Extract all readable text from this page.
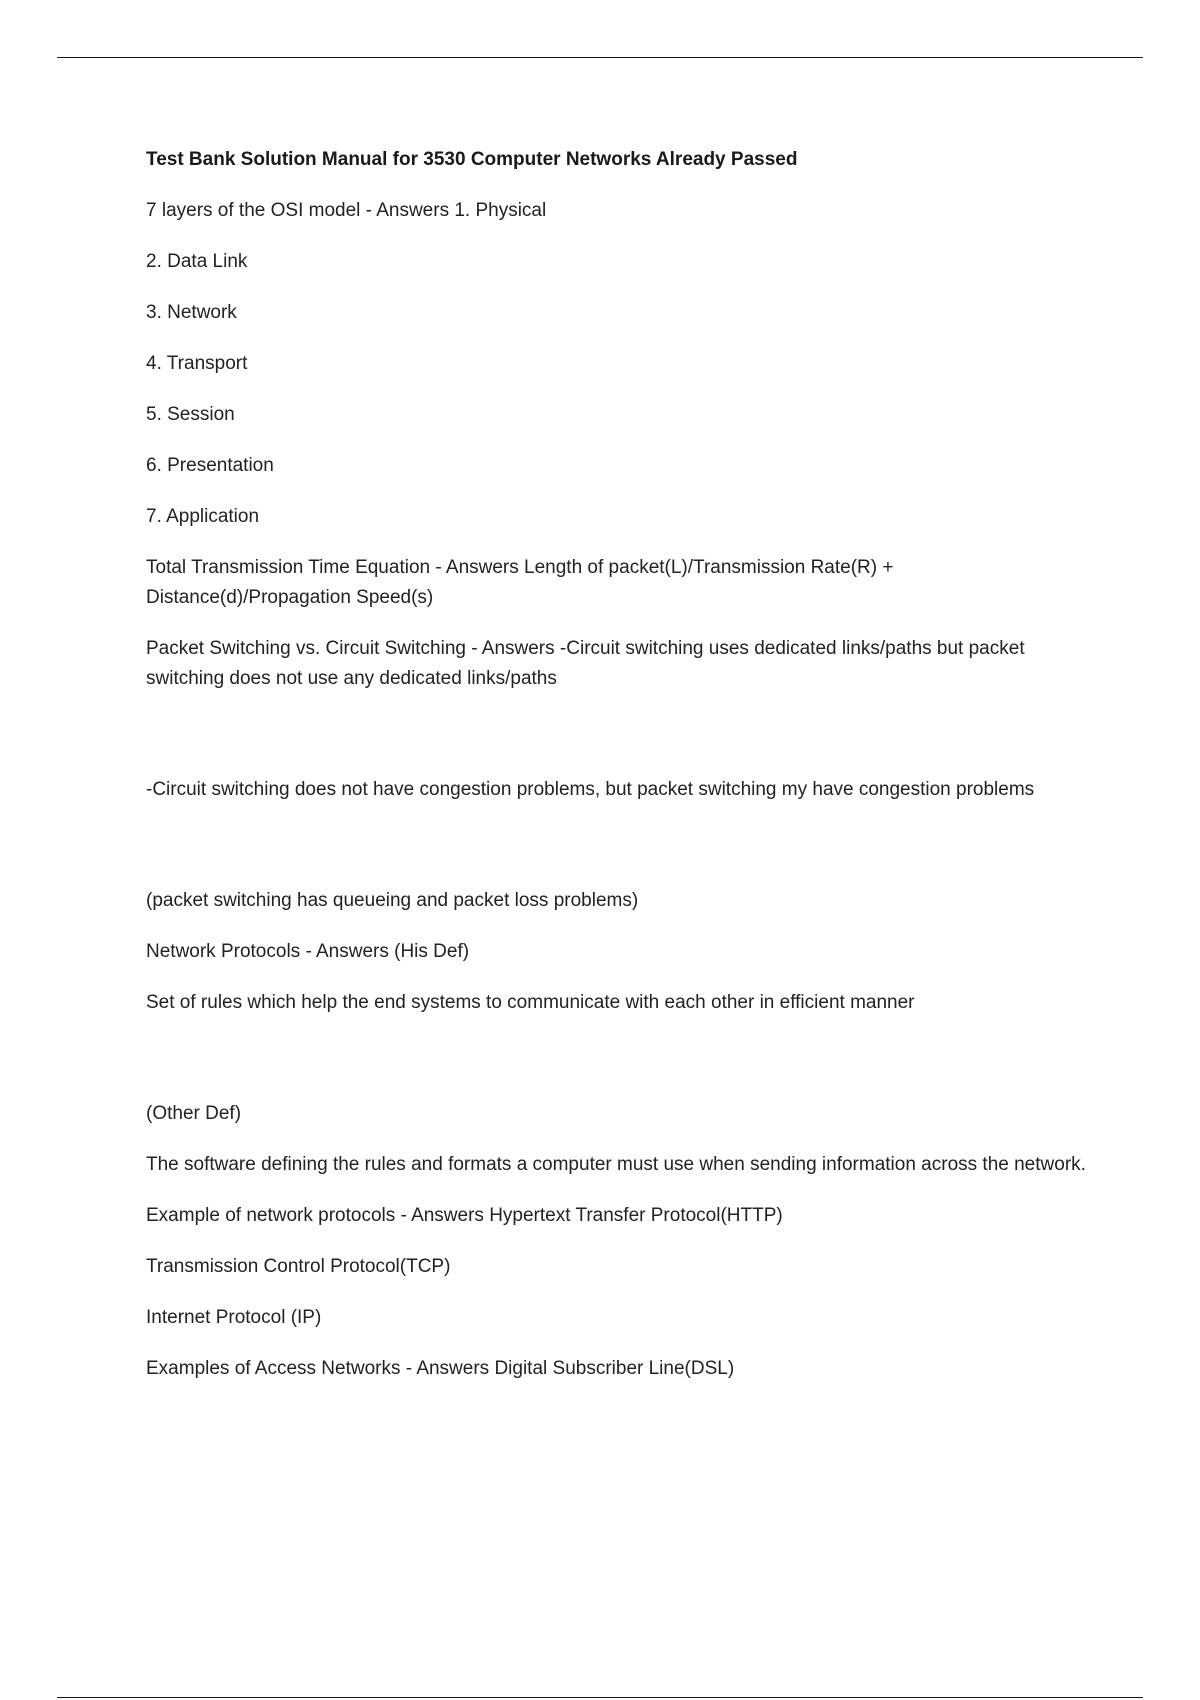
Test Bank Solution Manual for 3530 Computer Networks Already Passed
7 layers of the OSI model - Answers 1. Physical
2. Data Link
3. Network
4. Transport
5. Session
6. Presentation
7. Application
Total Transmission Time Equation - Answers Length of packet(L)/Transmission Rate(R) + Distance(d)/Propagation Speed(s)
Packet Switching vs. Circuit Switching - Answers -Circuit switching uses dedicated links/paths but packet switching does not use any dedicated links/paths
-Circuit switching does not have congestion problems, but packet switching my have congestion problems
(packet switching has queueing and packet loss problems)
Network Protocols - Answers (His Def)
Set of rules which help the end systems to communicate with each other in efficient manner
(Other Def)
The software defining the rules and formats a computer must use when sending information across the network.
Example of network protocols - Answers Hypertext Transfer Protocol(HTTP)
Transmission Control Protocol(TCP)
Internet Protocol (IP)
Examples of Access Networks - Answers Digital Subscriber Line(DSL)
